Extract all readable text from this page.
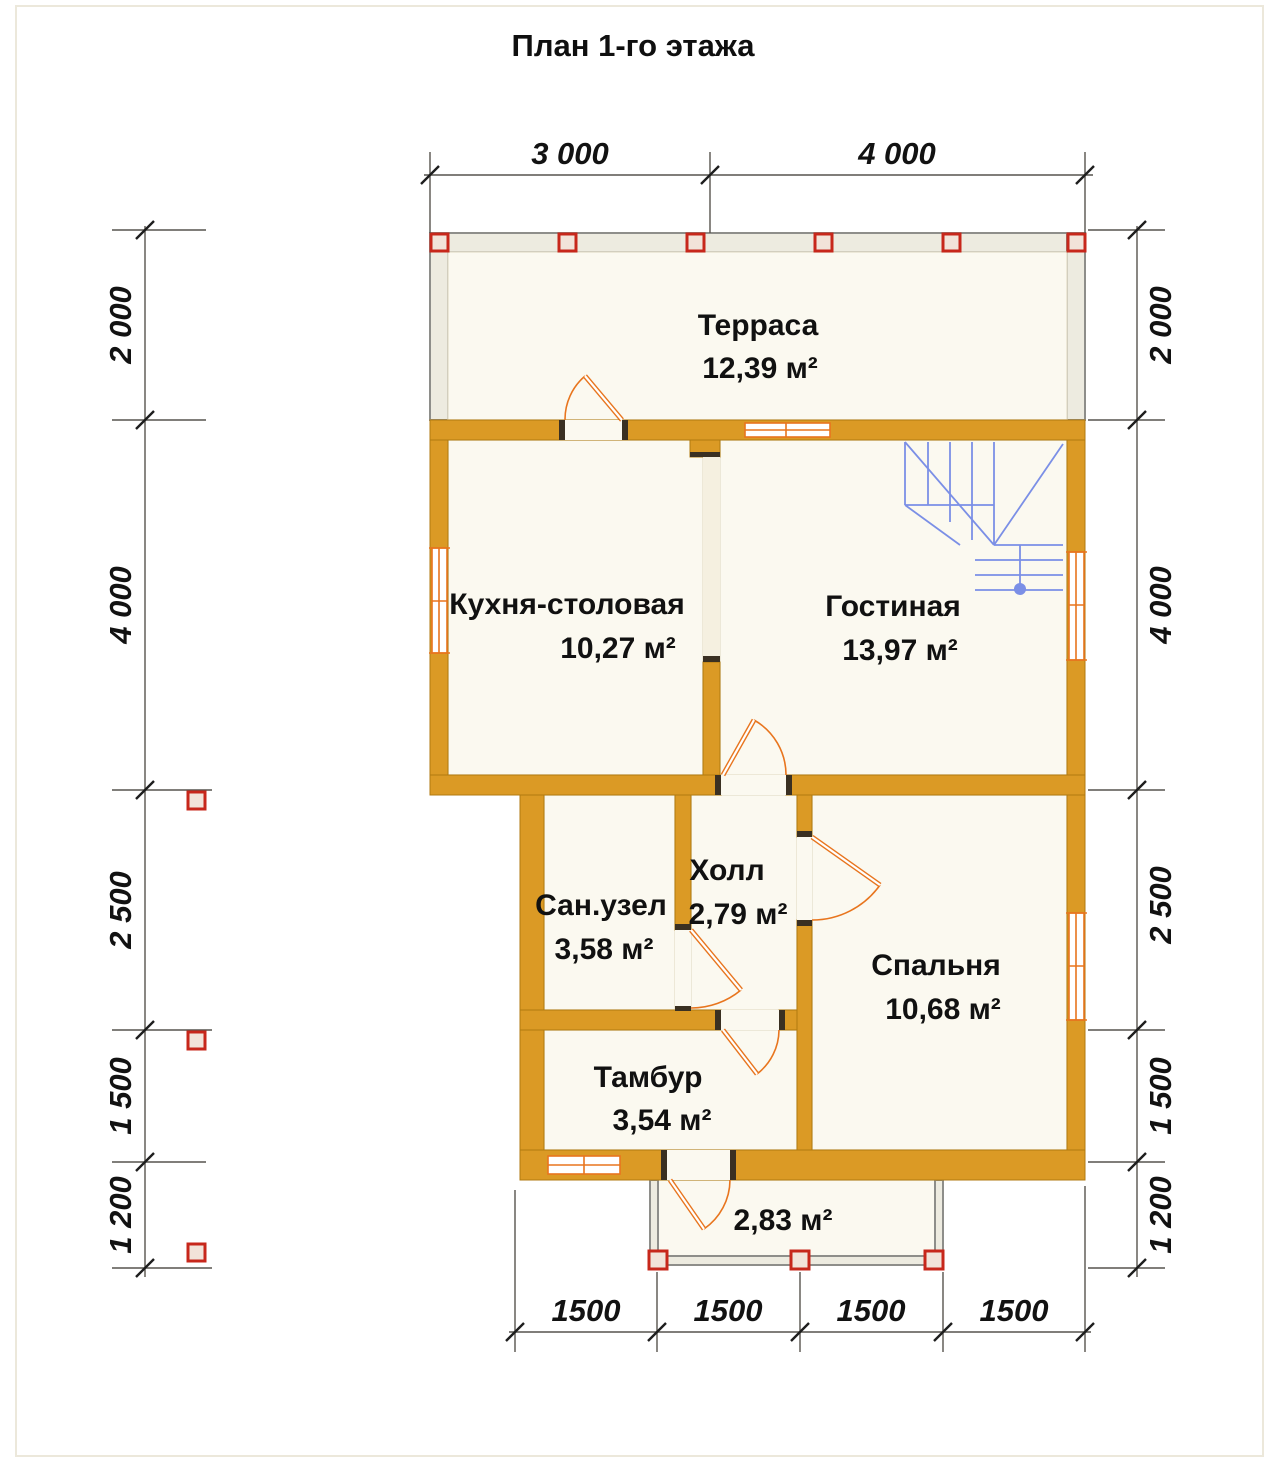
План 1-го этажа
3 000	4 000
1500 1500 1500 1500
2 000
4 000
2 500
1 500
1 200
2 000
4 000
2 500
1 500
1 200
Терраса
12,39 м²
Кухня-столовая
10,27 м²
Гостиная
13,97 м²
Сан.узел
3,58 м²
Холл
2,79 м²
Спальня
10,68 м²
Тамбур
3,54 м²
2,83 м²
